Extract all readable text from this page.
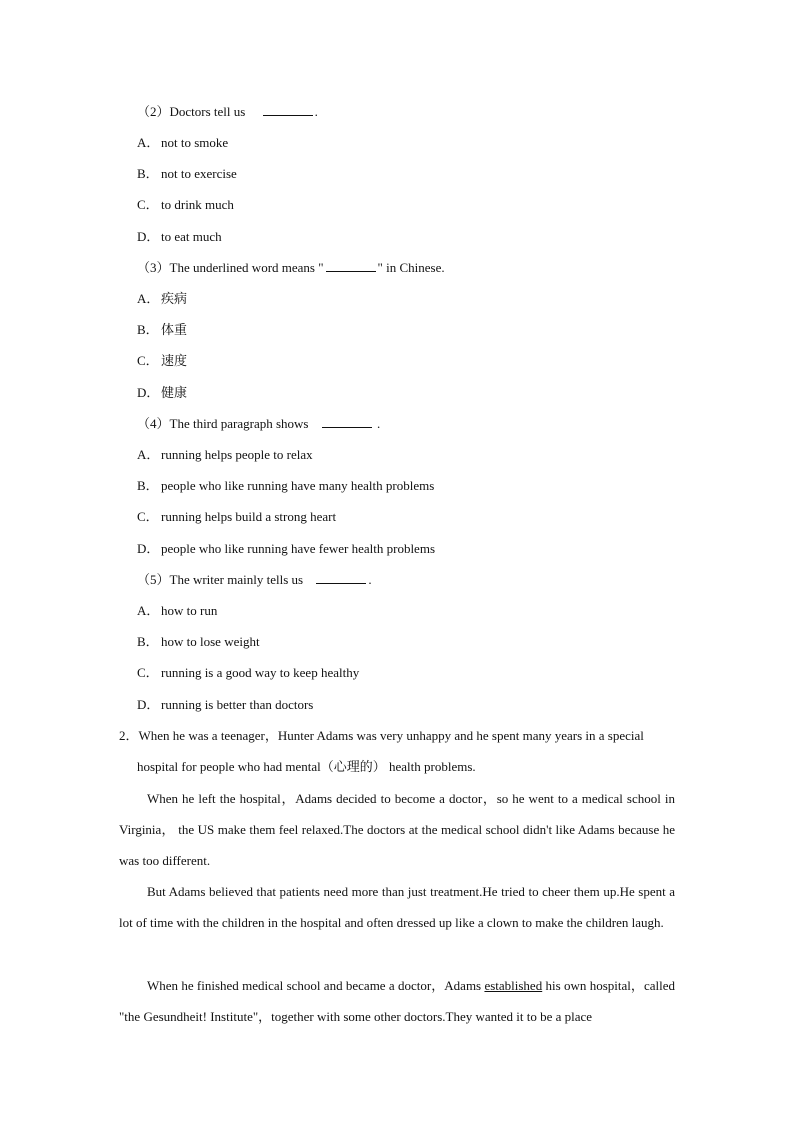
（2）Doctors tell us	.
A． not to smoke
B． not to exercise
C． to drink much
D． to eat much
（3）The underlined word means "	" in Chinese.
A． 疾病
B． 体重
C． 速度
D． 健康
（4）The third paragraph shows	.
A． running helps people to relax
B． people who like running have many health problems
C． running helps build a strong heart
D． people who like running have fewer health problems
（5）The writer mainly tells us	.
A． how to run
B． how to lose weight
C． running is a good way to keep healthy
D． running is better than doctors
2．When he was a teenager，Hunter Adams was very unhappy and he spent many years in a special
hospital for people who had mental（心理的） health problems.
When he left the hospital，Adams decided to become a doctor，so he went to a medical school in Virginia， the US make them feel relaxed.The doctors at the medical school didn't like Adams because he was too different.
But Adams believed that patients need more than just treatment.He tried to cheer them up.He spent a lot of time with the children in the hospital and often dressed up like a clown to make the children laugh.
When he finished medical school and became a doctor，Adams established his own hospital，called "the Gesundheit! Institute"，together with some other doctors.They wanted it to be a place
